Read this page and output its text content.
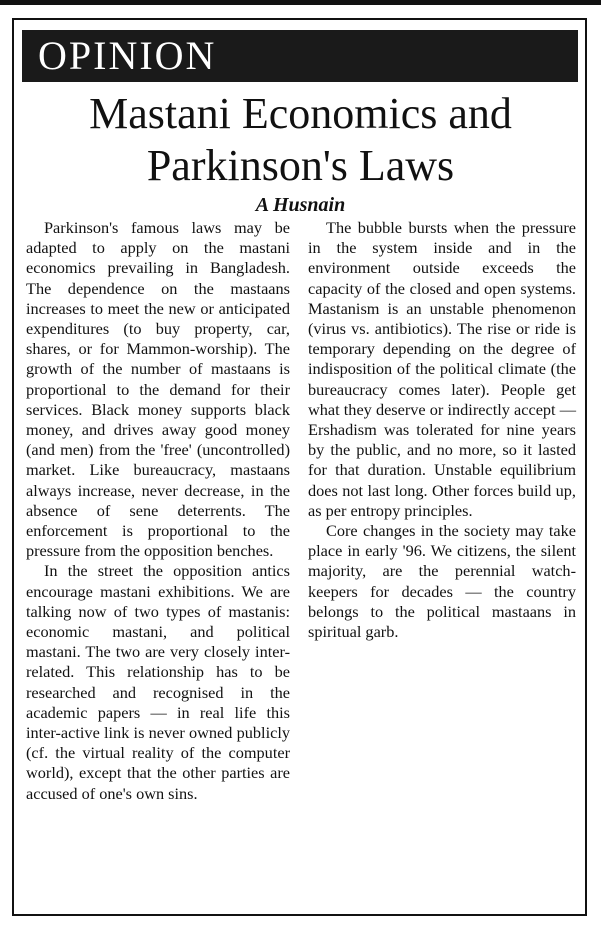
OPINION
Mastani Economics and
Parkinson's Laws
A Husnain

Parkinson's famous laws may be adapted to apply on the mastani economics prevailing in Bangladesh. The dependence on the mastaans increases to meet the new or anticipated expenditures (to buy property, car, shares, or for Mammon-worship). The growth of the number of mastaans is proportional to the demand for their services. Black money supports black money, and drives away good money (and men) from the 'free' (uncontrolled) market. Like bureaucracy, mastaans always increase, never decrease, in the absence of sene deterrents. The enforcement is proportional to the pressure from the opposition benches.

In the street the opposition antics encourage mastani exhibitions. We are talking now of two types of mastanis: economic mastani, and political mastani. The two are very closely inter-related. This relationship has to be researched and recognised in the academic papers — in real life this inter-active link is never owned publicly (cf. the virtual reality of the computer world), except that the other parties are accused of one's own sins.

The bubble bursts when the pressure in the system inside and in the environment outside exceeds the capacity of the closed and open systems. Mastanism is an unstable phenomenon (virus vs. antibiotics). The rise or ride is temporary depending on the degree of indisposition of the political climate (the bureaucracy comes later). People get what they deserve or indirectly accept — Ershadism was tolerated for nine years by the public, and no more, so it lasted for that duration. Unstable equilibrium does not last long. Other forces build up, as per entropy principles.

Core changes in the society may take place in early '96. We citizens, the silent majority, are the perennial watch-keepers for decades — the country belongs to the political mastaans in spiritual garb.
